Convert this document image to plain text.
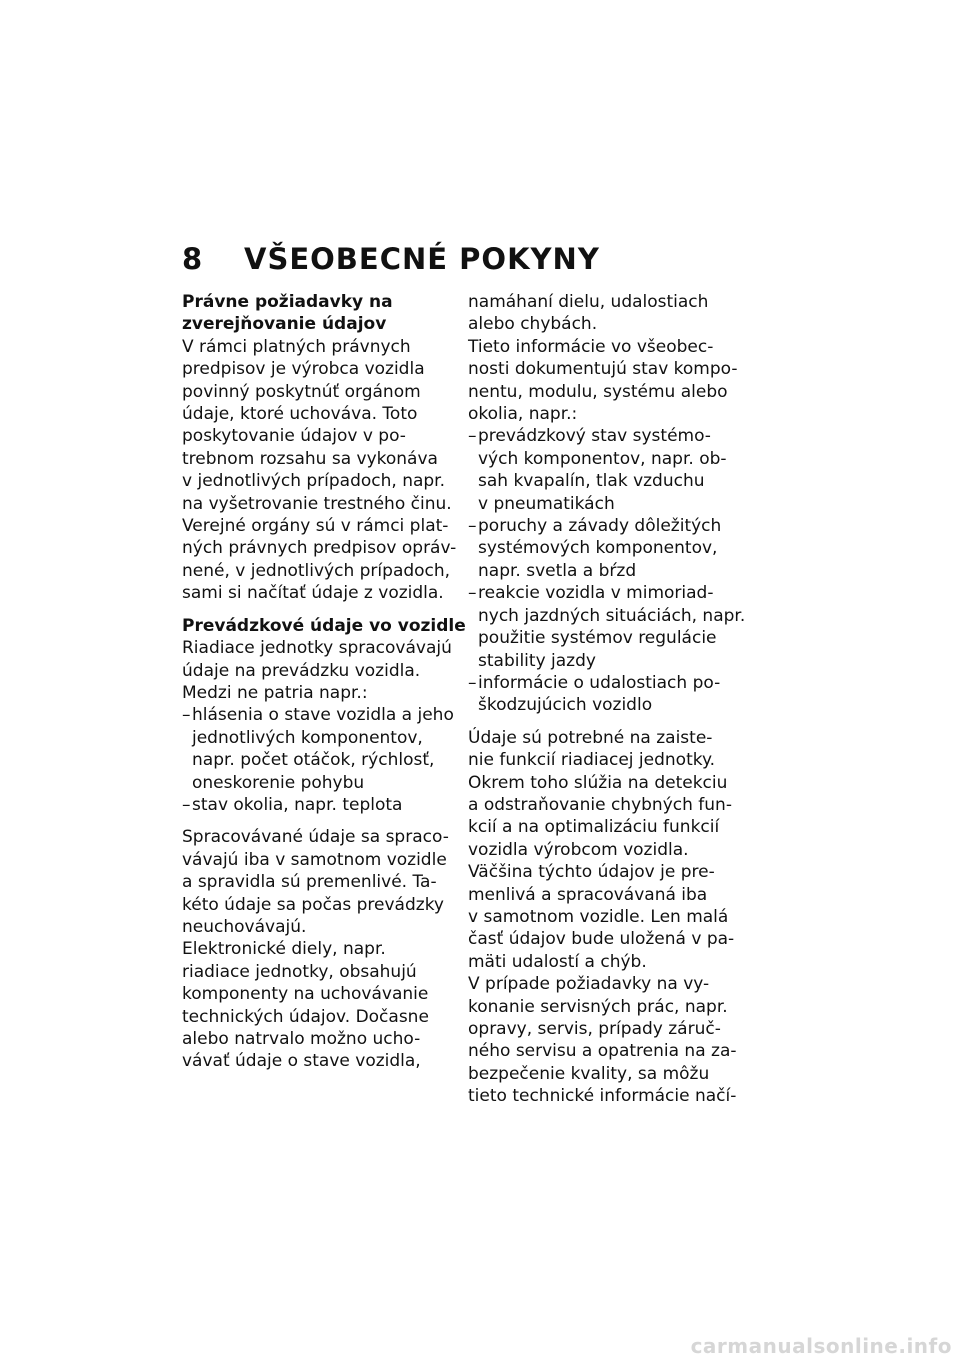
8 VŠEOBECNÉ POKYNY

Právne požiadavky na
zverejňovanie údajov

V rámci platných právnych
predpisov je výrobca vozidla
povinný poskytnúť orgánom
údaje, ktoré uchováva. Toto
poskytovanie údajov v po-
trebnom rozsahu sa vykonáva
v jednotlivých prípadoch, napr.
na vyšetrovanie trestného činu.
Verejné orgány sú v rámci plat-
ných právnych predpisov opráv-
nené, v jednotlivých prípadoch,
sami si načítať údaje z vozidla.

Prevádzkové údaje vo vozidle

Riadiace jednotky spracovávajú
údaje na prevádzku vozidla.
Medzi ne patria napr.:

– hlásenia o stave vozidla a jeho
jednotlivých komponentov,
napr. počet otáčok, rýchlosť,
oneskorenie pohybu
– stav okolia, napr. teplota

Spracovávané údaje sa spraco-
vávajú iba v samotnom vozidle
a spravidla sú premenlivé. Ta-
kéto údaje sa počas prevádzky
neuchovávajú.
Elektronické diely, napr.
riadiace jednotky, obsahujú
komponenty na uchovávanie
technických údajov. Dočasne
alebo natrvalo možno ucho-
vávať údaje o stave vozidla,

namáhaní dielu, udalostiach
alebo chybách.
Tieto informácie vo všeobec-
nosti dokumentujú stav kompo-
nentu, modulu, systému alebo
okolia, napr.:

– prevádzkový stav systémo-
vých komponentov, napr. ob-
sah kvapalín, tlak vzduchu
v pneumatikách
– poruchy a závady dôležitých
systémových komponentov,
napr. svetla a bŕzd
– reakcie vozidla v mimoriad-
nych jazdných situáciách, napr.
použitie systémov regulácie
stability jazdy
– informácie o udalostiach po-
škodzujúcich vozidlo

Údaje sú potrebné na zaiste-
nie funkcií riadiacej jednotky.
Okrem toho slúžia na detekciu
a odstraňovanie chybných fun-
kcií a na optimalizáciu funkcií
vozidla výrobcom vozidla.
Väčšina týchto údajov je pre-
menlivá a spracovávaná iba
v samotnom vozidle. Len malá
časť údajov bude uložená v pa-
mäti udalostí a chýb.
V prípade požiadavky na vy-
konanie servisných prác, napr.
opravy, servis, prípady záruč-
ného servisu a opatrenia na za-
bezpečenie kvality, sa môžu
tieto technické informácie načí-

carmanualsonline.info
